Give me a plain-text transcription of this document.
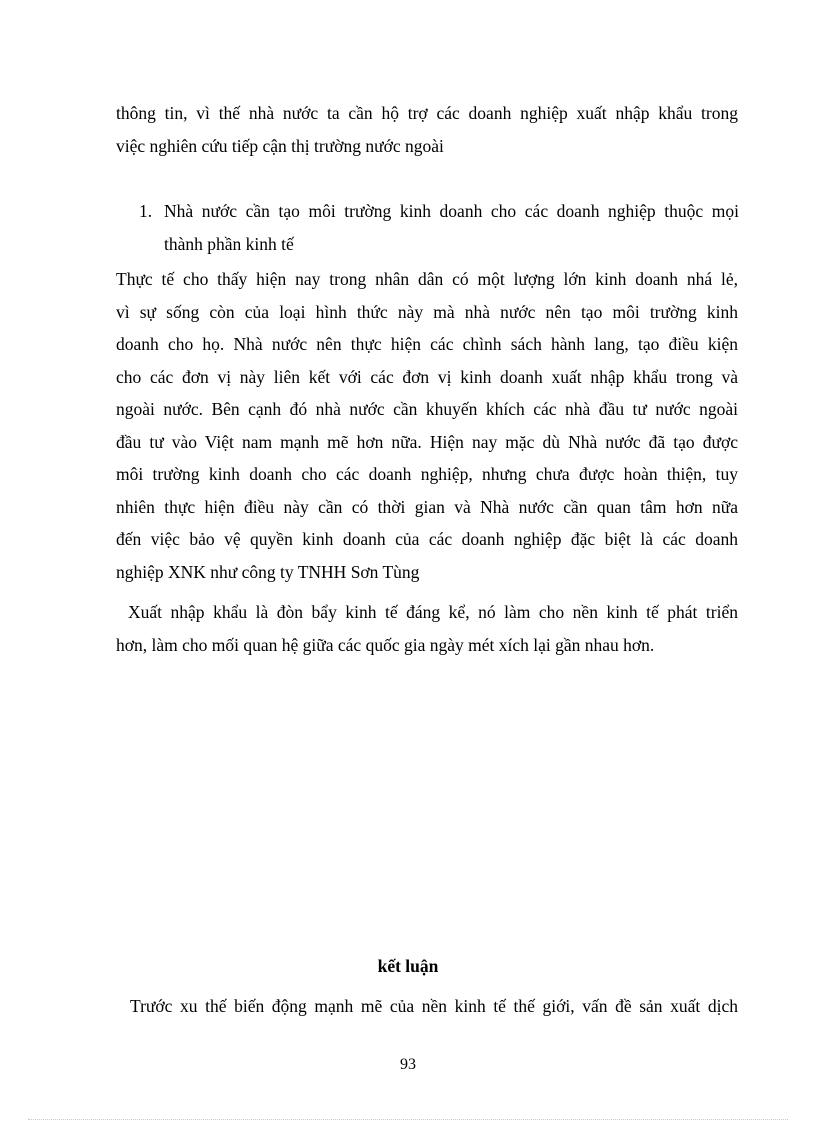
thông tin, vì thế nhà nước ta cần hộ trợ các doanh nghiệp xuất nhập khẩu trong
việc nghiên cứu tiếp cận thị trường nước ngoài
1. Nhà nước cần tạo môi trường kinh doanh cho các doanh nghiệp thuộc mọi
thành phần kinh tế
Thực tế cho thấy hiện nay trong nhân dân có một lượng lớn kinh doanh nhá lẻ,
vì sự sống còn của loại hình thức này mà nhà nước nên tạo môi trường kinh
doanh cho họ. Nhà nước nên thực hiện các chình sách hành lang, tạo điều kiện
cho các đơn vị này liên kết với các đơn vị kinh doanh xuất nhập khẩu trong và
ngoài nước. Bên cạnh đó nhà nước cần khuyến khích các nhà đầu tư nước ngoài
đầu tư vào Việt nam mạnh mẽ hơn nữa. Hiện nay mặc dù Nhà nước đã tạo được
môi trường kinh doanh cho các doanh nghiệp, nhưng chưa được hoàn thiện, tuy
nhiên thực hiện điều này cần có thời gian và Nhà nước cần quan tâm hơn nữa
đến việc bảo vệ quyền kinh doanh của các doanh nghiệp đặc biệt là các doanh
nghiệp XNK như công ty TNHH Sơn Tùng
Xuất nhập khẩu là đòn bẩy kinh tế đáng kể, nó làm cho nền kinh tế phát triển
hơn, làm cho mối quan hệ giữa các quốc gia ngày mét xích lại gần nhau hơn.
kết luận
Trước xu thế biến động mạnh mẽ của nền kinh tế thế giới, vấn đề sản xuất dịch
93
